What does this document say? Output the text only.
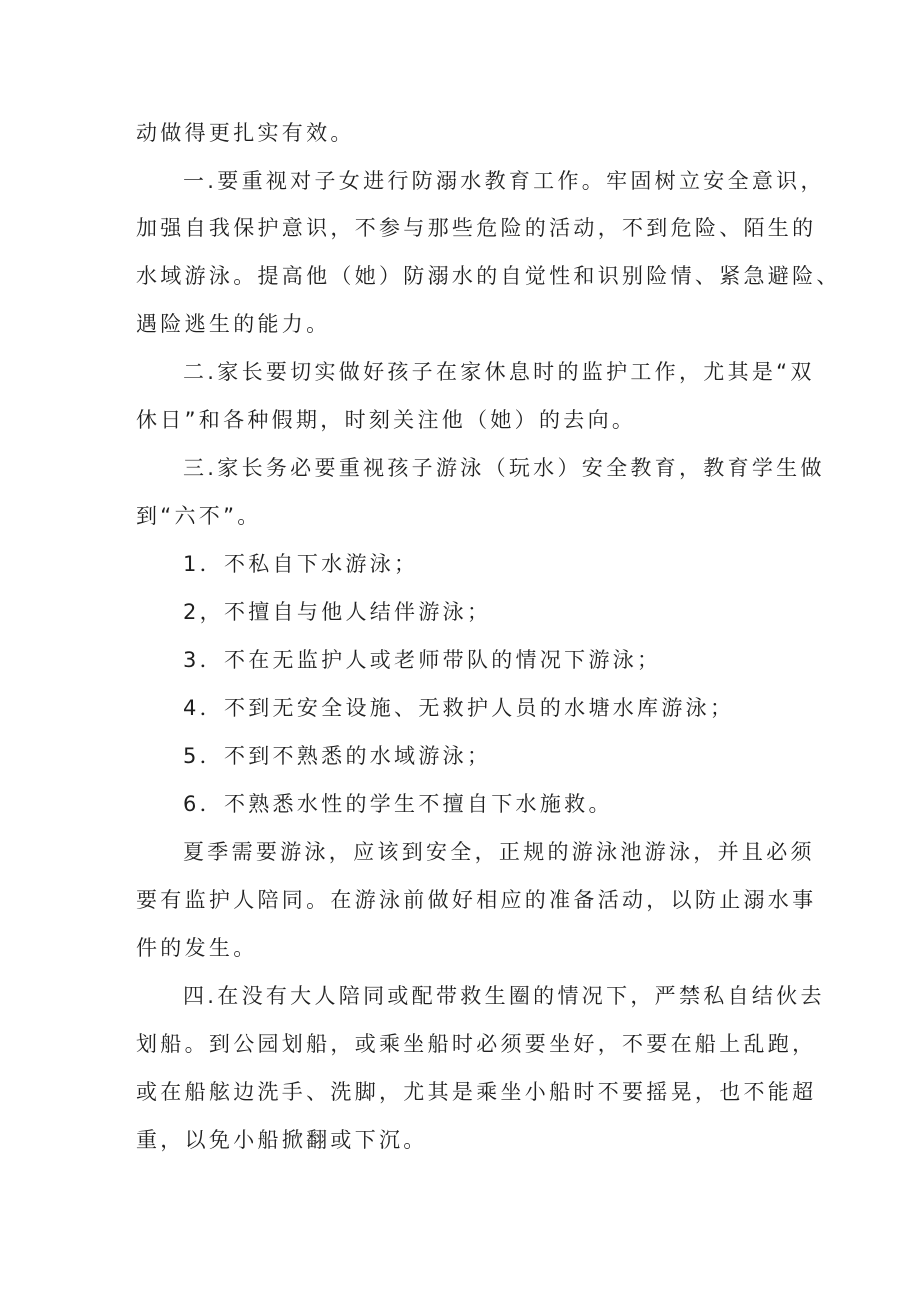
动做得更扎实有效。

一.要重视对子女进行防溺水教育工作。牢固树立安全意识，

加强自我保护意识，不参与那些危险的活动，不到危险、陌生的

水域游泳。提高他（她）防溺水的自觉性和识别险情、紧急避险、

遇险逃生的能力。

二.家长要切实做好孩子在家休息时的监护工作，尤其是“双

休日”和各种假期，时刻关注他（她）的去向。

三.家长务必要重视孩子游泳（玩水）安全教育，教育学生做

到“六不”。

1．不私自下水游泳；

2，不擅自与他人结伴游泳；

3．不在无监护人或老师带队的情况下游泳；

4．不到无安全设施、无救护人员的水塘水库游泳；

5．不到不熟悉的水域游泳；

6．不熟悉水性的学生不擅自下水施救。

夏季需要游泳，应该到安全，正规的游泳池游泳，并且必须

要有监护人陪同。在游泳前做好相应的准备活动，以防止溺水事

件的发生。

四.在没有大人陪同或配带救生圈的情况下，严禁私自结伙去

划船。到公园划船，或乘坐船时必须要坐好，不要在船上乱跑，

或在船舷边洗手、洗脚，尤其是乘坐小船时不要摇晃，也不能超

重，以免小船掀翻或下沉。
